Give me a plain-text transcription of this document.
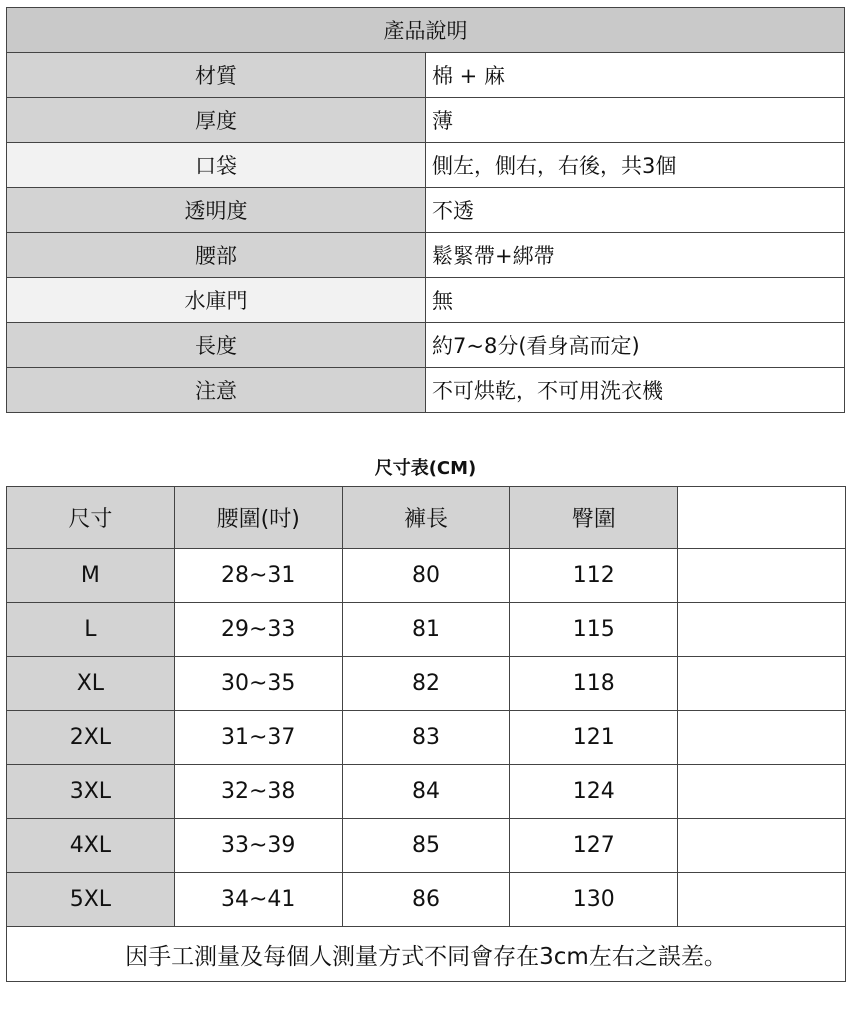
產品說明	
材質	棉 + 麻
厚度	薄
口袋	側左，側右，右後，共3個
透明度	不透
腰部	鬆緊帶+綁帶
水庫門	無
長度	約7~8分(看身高而定)
注意	不可烘乾，不可用洗衣機
尺寸表(CM)
尺寸	腰圍(吋)	褲長	臀圍	
M	28~31	80	112	
L	29~33	81	115	
XL	30~35	82	118	
2XL	31~37	83	121	
3XL	32~38	84	124	
4XL	33~39	85	127	
5XL	34~41	86	130	
因手工測量及每個人測量方式不同會存在3cm左右之誤差。				
